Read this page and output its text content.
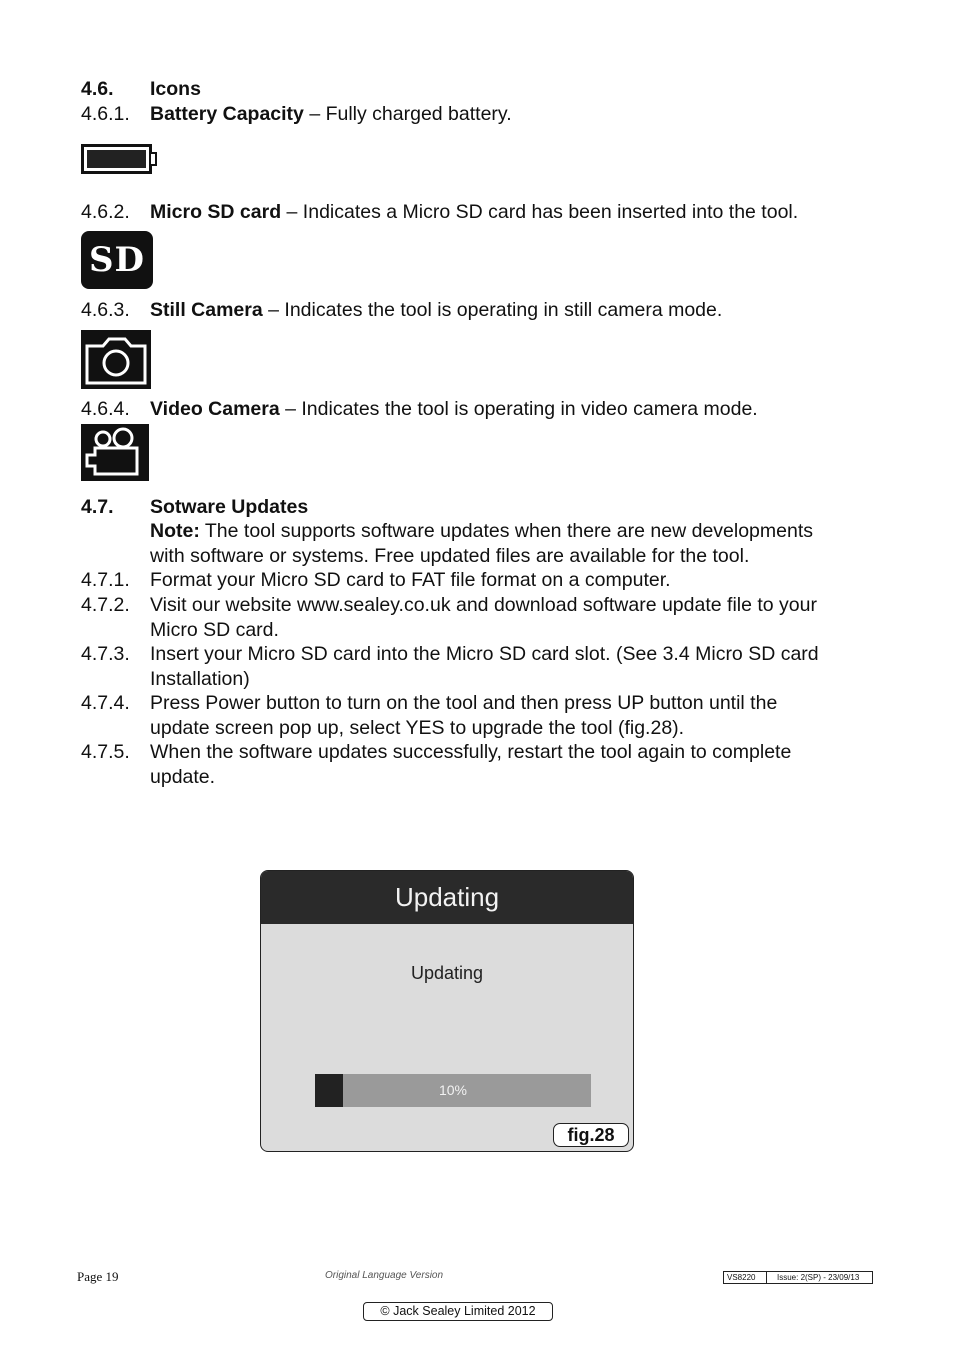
4.6. Icons
4.6.1. Battery Capacity – Fully charged battery.
4.6.2. Micro SD card – Indicates a Micro SD card has been inserted into the tool.
SD
4.6.3. Still Camera – Indicates the tool is operating in still camera mode.
4.6.4. Video Camera – Indicates the tool is operating in video camera mode.
4.7. Sotware Updates
Note: The tool supports software updates when there are new developments
with software or systems. Free updated files are available for the tool.
4.7.1. Format your Micro SD card to FAT file format on a computer.
4.7.2. Visit our website www.sealey.co.uk and download software update file to your
Micro SD card.
4.7.3. Insert your Micro SD card into the Micro SD card slot. (See 3.4 Micro SD card
Installation)
4.7.4. Press Power button to turn on the tool and then press UP button until the
update screen pop up, select YES to upgrade the tool (fig.28).
4.7.5. When the software updates successfully, restart the tool again to complete
update.
Updating
Updating
10%
fig.28
Page 19	Original Language Version	VS8220	Issue: 2(SP) - 23/09/13
© Jack Sealey Limited 2012
